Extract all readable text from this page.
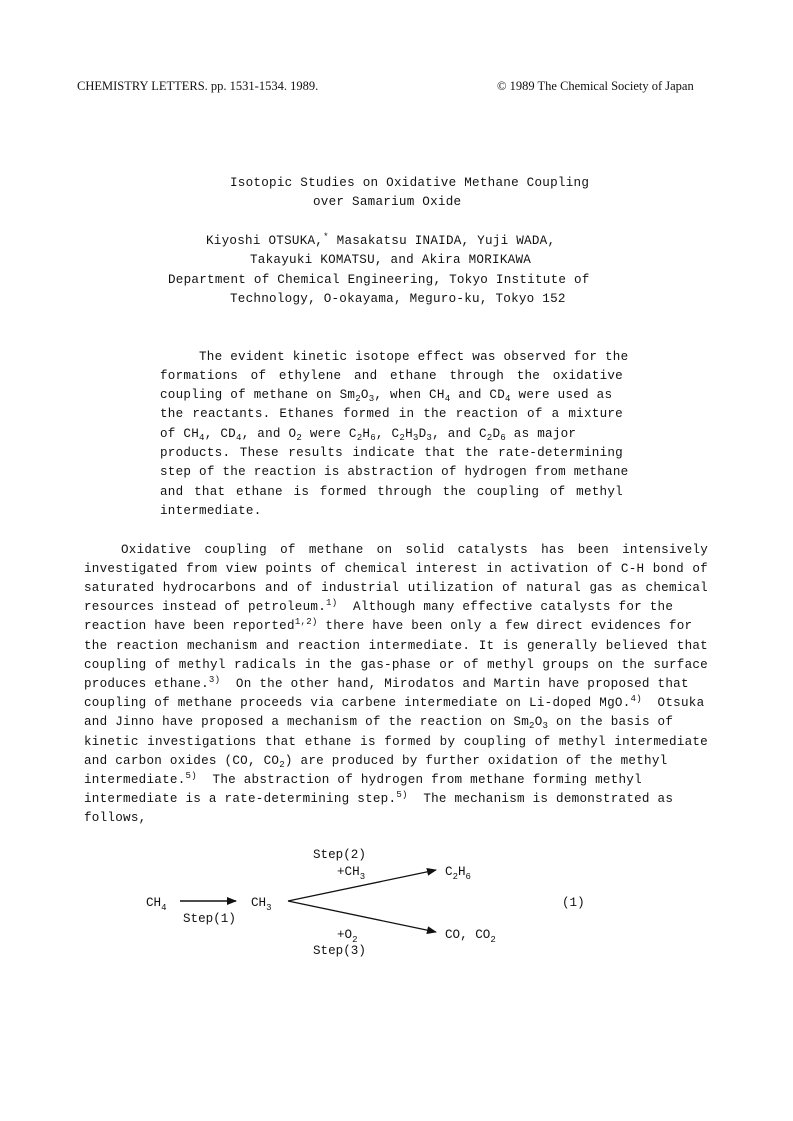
CHEMISTRY LETTERS. pp. 1531-1534. 1989.	© 1989 The Chemical Society of Japan
Isotopic Studies on Oxidative Methane Coupling
over Samarium Oxide
Kiyoshi OTSUKA,* Masakatsu INAIDA, Yuji WADA,
Takayuki KOMATSU, and Akira MORIKAWA
Department of Chemical Engineering, Tokyo Institute of
Technology, O-okayama, Meguro-ku, Tokyo 152
The evident kinetic isotope effect was observed for the
formations of ethylene and ethane through the oxidative
coupling of methane on $Sm_2O_3$, when $CH_4$ and $CD_4$ were used as
the reactants. Ethanes formed in the reaction of a mixture
of $CH_4$, $CD_4$, and $O_2$ were $C_2H_6$, $C_2H_3D_3$, and $C_2D_6$ as major
products. These results indicate that the rate-determining
step of the reaction is abstraction of hydrogen from methane
and that ethane is formed through the coupling of methyl
intermediate.
Oxidative coupling of methane on solid catalysts has been intensively
investigated from view points of chemical interest in activation of C-H bond of
saturated hydrocarbons and of industrial utilization of natural gas as chemical
resources instead of petroleum.$^{1)}$  Although many effective catalysts for the
reaction have been reported$^{1,2)}$ there have been only a few direct evidences for
the reaction mechanism and reaction intermediate. It is generally believed that
coupling of methyl radicals in the gas-phase or of methyl groups on the surface
produces ethane.$^{3)}$  On the other hand, Mirodatos and Martin have proposed that
coupling of methane proceeds via carbene intermediate on Li-doped MgO.$^{4)}$  Otsuka
and Jinno have proposed a mechanism of the reaction on $Sm_2O_3$ on the basis of
kinetic investigations that ethane is formed by coupling of methyl intermediate
and carbon oxides (CO, $CO_2$) are produced by further oxidation of the methyl
intermediate.$^{5)}$  The abstraction of hydrogen from methane forming methyl
intermediate is a rate-determining step.$^{5)}$  The mechanism is demonstrated as
follows,
$CH_4$
Step(1)
$CH_3$
Step(2)
$+CH_3$	$C_2H_6$
$+O_2$
Step(3)
CO, $CO_2$
(1)
